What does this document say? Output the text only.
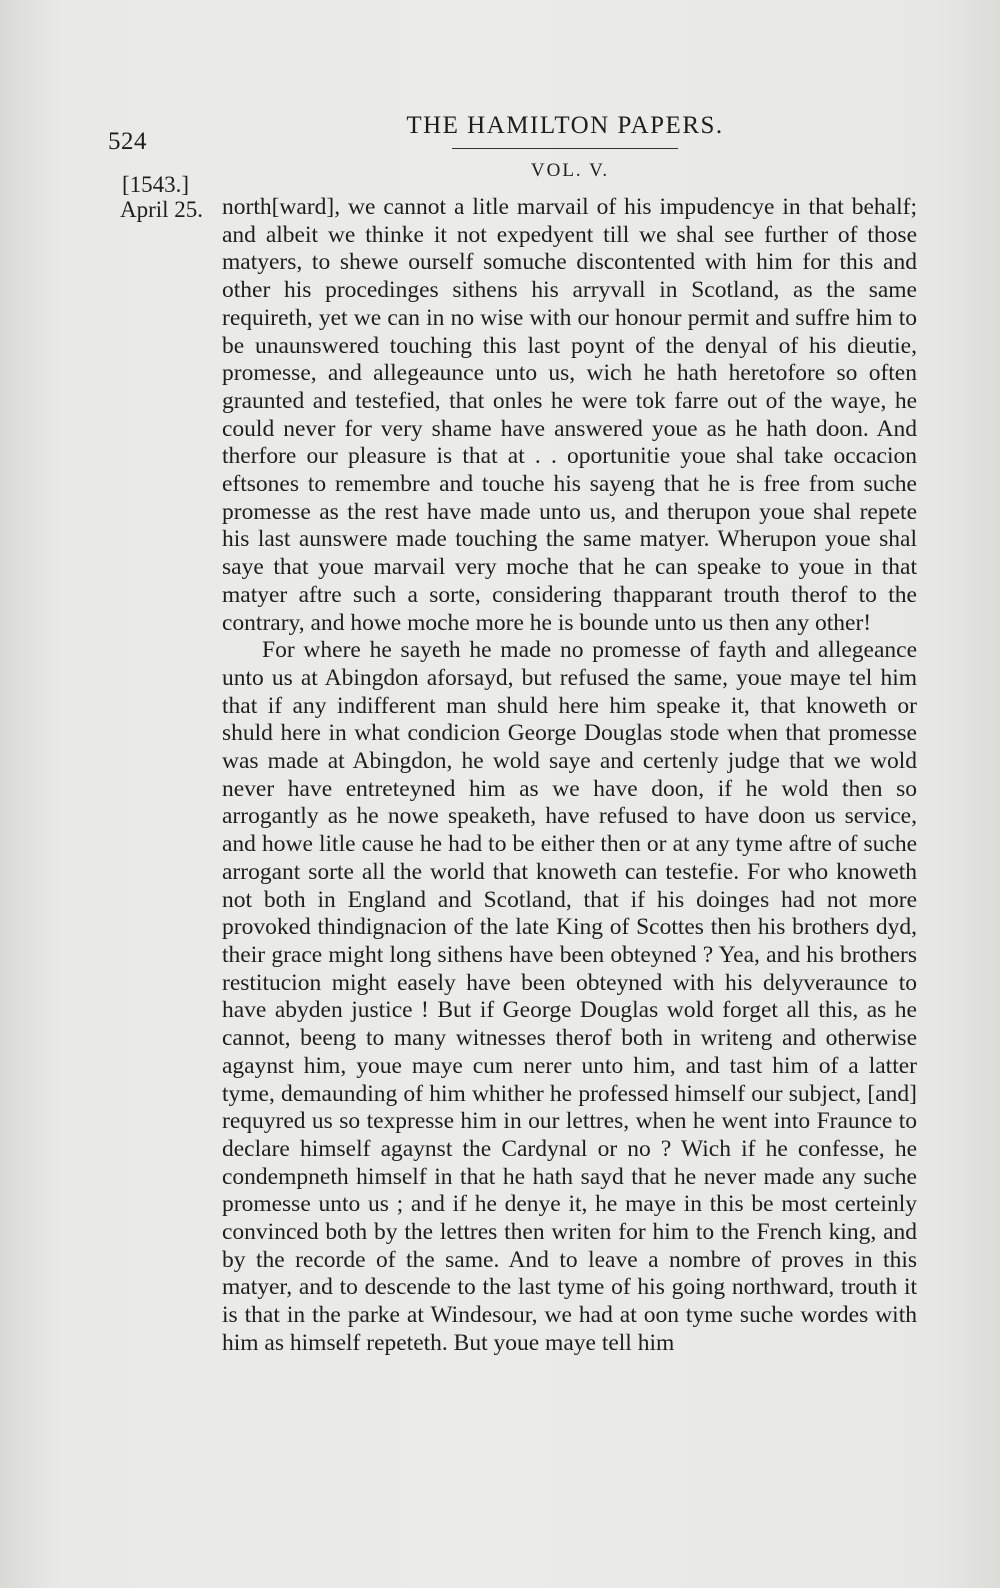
524
THE HAMILTON PAPERS.
VOL. V.
[1543.]
April 25. north[ward], we cannot a litle marvail of his impudencye in that behalf; and albeit we thinke it not expedyent till we shal see further of those matyers, to shewe ourself somuche discontented with him for this and other his procedinges sithens his arryvall in Scotland, as the same requireth, yet we can in no wise with our honour permit and suffre him to be unaunswered touching this last poynt of the denyal of his dieutie, promesse, and allegeaunce unto us, wich he hath heretofore so often graunted and testefied, that onles he were tok farre out of the waye, he could never for very shame have answered youe as he hath doon. And therfore our pleasure is that at . . oportunitie youe shal take occacion eftsones to remembre and touche his sayeng that he is free from suche promesse as the rest have made unto us, and therupon youe shal repete his last aunswere made touching the same matyer. Wherupon youe shal saye that youe marvail very moche that he can speake to youe in that matyer aftre such a sorte, considering thapparant trouth therof to the contrary, and howe moche more he is bounde unto us then any other!

For where he sayeth he made no promesse of fayth and allegeance unto us at Abingdon aforsayd, but refused the same, youe maye tel him that if any indifferent man shuld here him speake it, that knoweth or shuld here in what condicion George Douglas stode when that promesse was made at Abingdon, he wold saye and certenly judge that we wold never have entreteyned him as we have doon, if he wold then so arrogantly as he nowe speaketh, have refused to have doon us service, and howe litle cause he had to be either then or at any tyme aftre of suche arrogant sorte all the world that knoweth can testefie. For who knoweth not both in England and Scotland, that if his doinges had not more provoked thindignacion of the late King of Scottes then his brothers dyd, their grace might long sithens have been obteyned ? Yea, and his brothers restitucion might easely have been obteyned with his delyveraunce to have abyden justice ! But if George Douglas wold forget all this, as he cannot, beeng to many witnesses therof both in writeng and otherwise agaynst him, youe maye cum nerer unto him, and tast him of a latter tyme, demaunding of him whither he professed himself our subject, [and] requyred us so texpresse him in our lettres, when he went into Fraunce to declare himself agaynst the Cardynal or no ? Wich if he confesse, he condempneth himself in that he hath sayd that he never made any suche promesse unto us ; and if he denye it, he maye in this be most certeinly convinced both by the lettres then writen for him to the French king, and by the recorde of the same. And to leave a nombre of proves in this matyer, and to descende to the last tyme of his going northward, trouth it is that in the parke at Windesour, we had at oon tyme suche wordes with him as himself repeteth. But youe maye tell him
